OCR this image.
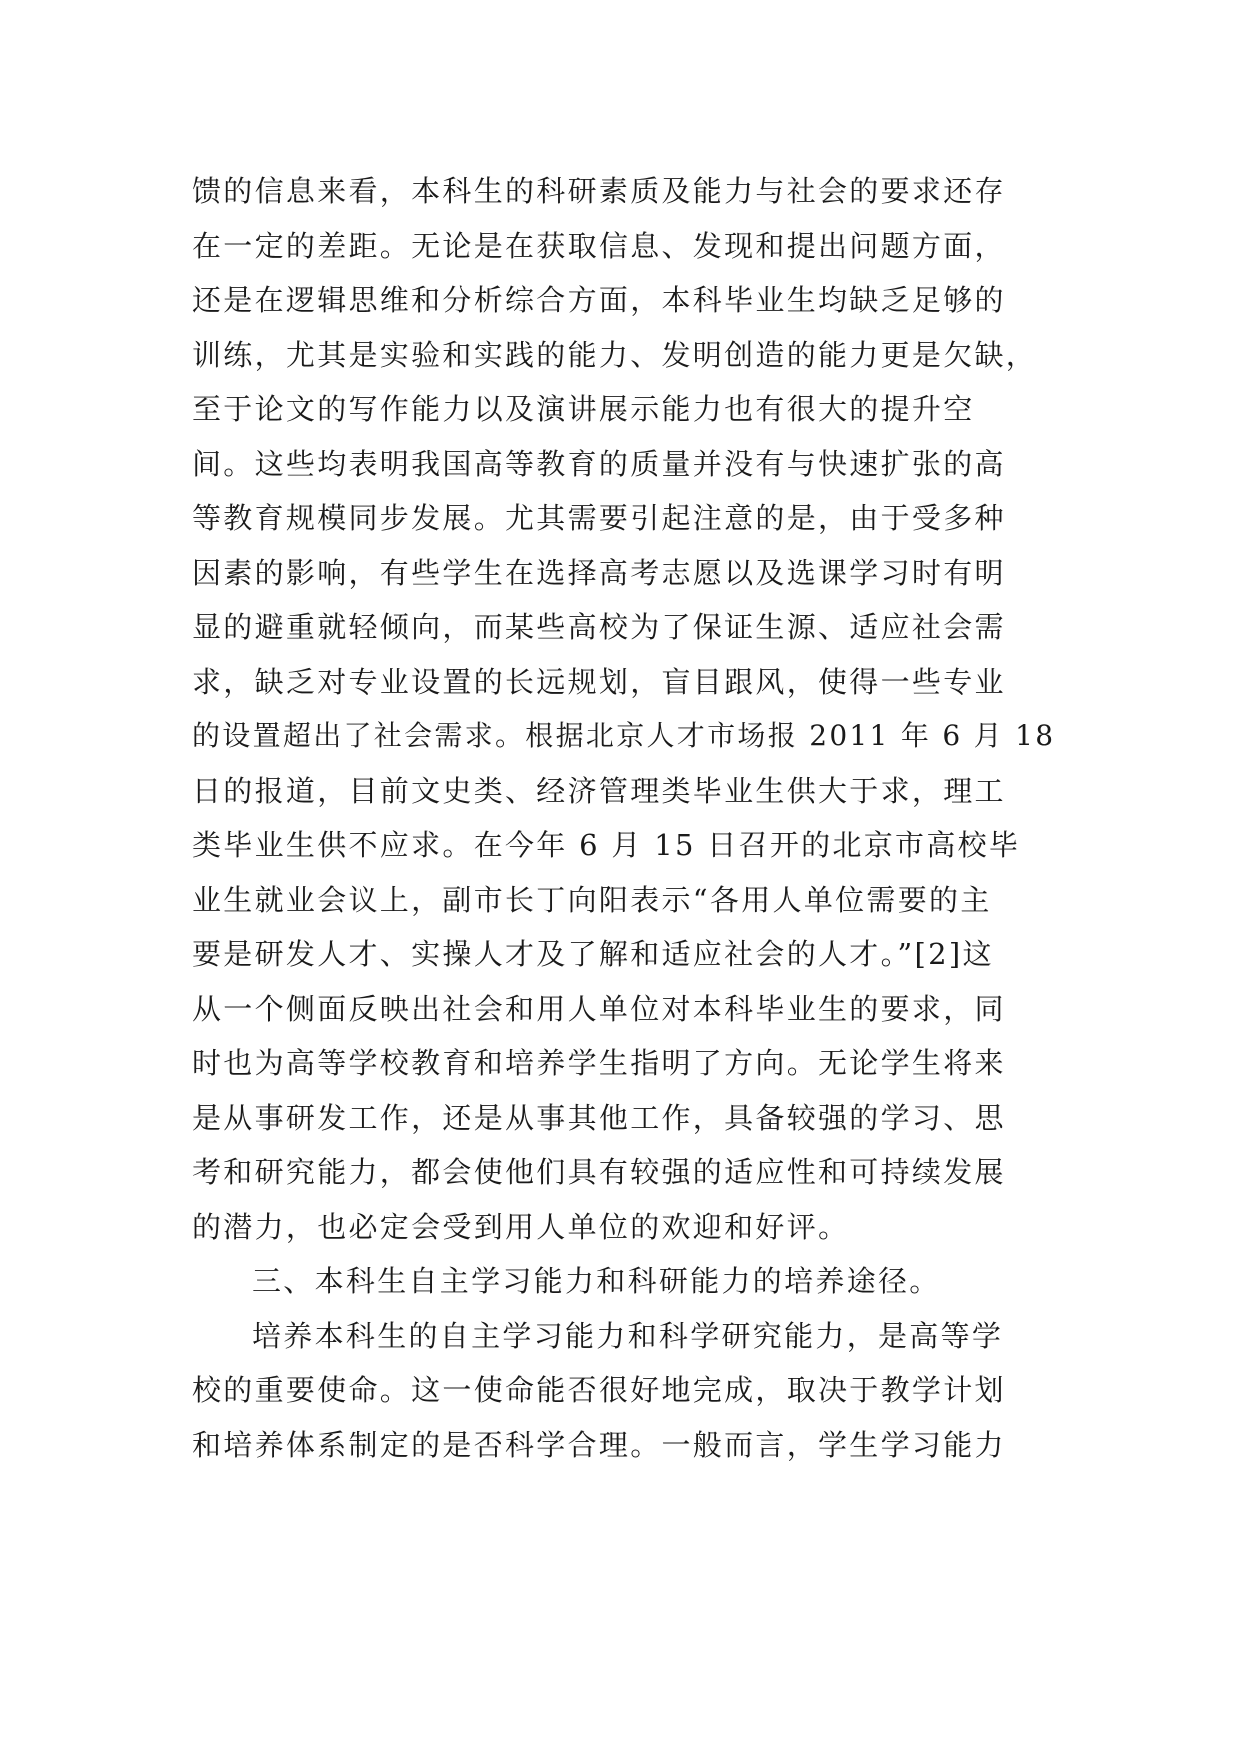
馈的信息来看，本科生的科研素质及能力与社会的要求还存
在一定的差距。无论是在获取信息、发现和提出问题方面，
还是在逻辑思维和分析综合方面，本科毕业生均缺乏足够的
训练，尤其是实验和实践的能力、发明创造的能力更是欠缺，
至于论文的写作能力以及演讲展示能力也有很大的提升空
间。这些均表明我国高等教育的质量并没有与快速扩张的高
等教育规模同步发展。尤其需要引起注意的是，由于受多种
因素的影响，有些学生在选择高考志愿以及选课学习时有明
显的避重就轻倾向，而某些高校为了保证生源、适应社会需
求，缺乏对专业设置的长远规划，盲目跟风，使得一些专业
的设置超出了社会需求。根据北京人才市场报 2011 年 6 月 18
日的报道，目前文史类、经济管理类毕业生供大于求，理工
类毕业生供不应求。在今年 6 月 15 日召开的北京市高校毕
业生就业会议上，副市长丁向阳表示“各用人单位需要的主
要是研发人才、实操人才及了解和适应社会的人才。”[2]这
从一个侧面反映出社会和用人单位对本科毕业生的要求，同
时也为高等学校教育和培养学生指明了方向。无论学生将来
是从事研发工作，还是从事其他工作，具备较强的学习、思
考和研究能力，都会使他们具有较强的适应性和可持续发展
的潜力，也必定会受到用人单位的欢迎和好评。
三、本科生自主学习能力和科研能力的培养途径。
培养本科生的自主学习能力和科学研究能力，是高等学
校的重要使命。这一使命能否很好地完成，取决于教学计划
和培养体系制定的是否科学合理。一般而言，学生学习能力
